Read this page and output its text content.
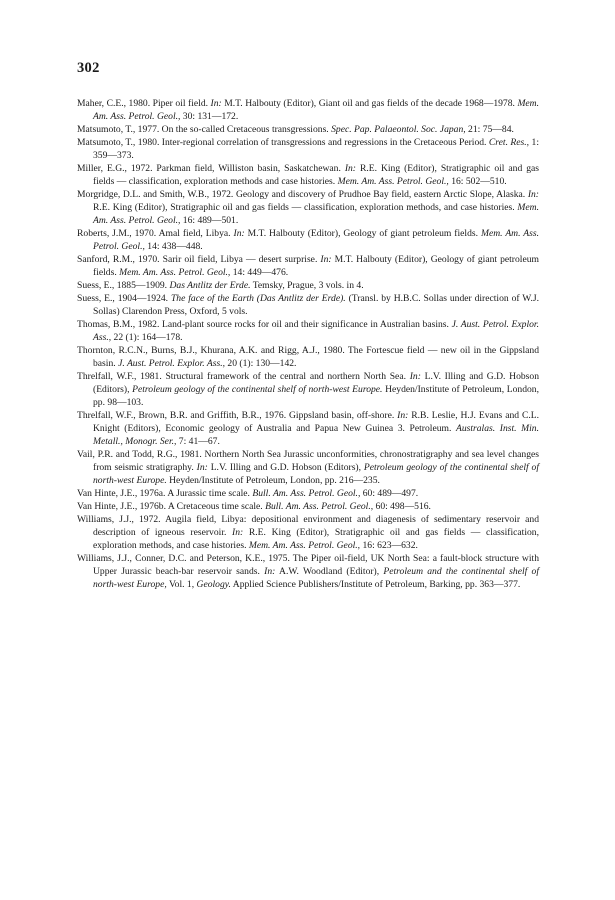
302

Maher, C.E., 1980. Piper oil field. In: M.T. Halbouty (Editor), Giant oil and gas fields of the decade 1968—1978. Mem. Am. Ass. Petrol. Geol., 30: 131—172.

Matsumoto, T., 1977. On the so-called Cretaceous transgressions. Spec. Pap. Palaeontol. Soc. Japan, 21: 75—84.

Matsumoto, T., 1980. Inter-regional correlation of transgressions and regressions in the Cretaceous Period. Cret. Res., 1: 359—373.

Miller, E.G., 1972. Parkman field, Williston basin, Saskatchewan. In: R.E. King (Editor), Stratigraphic oil and gas fields — classification, exploration methods and case histories. Mem. Am. Ass. Petrol. Geol., 16: 502—510.

Morgridge, D.L. and Smith, W.B., 1972. Geology and discovery of Prudhoe Bay field, eastern Arctic Slope, Alaska. In: R.E. King (Editor), Stratigraphic oil and gas fields — classification, exploration methods, and case histories. Mem. Am. Ass. Petrol. Geol., 16: 489—501.

Roberts, J.M., 1970. Amal field, Libya. In: M.T. Halbouty (Editor), Geology of giant petroleum fields. Mem. Am. Ass. Petrol. Geol., 14: 438—448.

Sanford, R.M., 1970. Sarir oil field, Libya — desert surprise. In: M.T. Halbouty (Editor), Geology of giant petroleum fields. Mem. Am. Ass. Petrol. Geol., 14: 449—476.

Suess, E., 1885—1909. Das Antlitz der Erde. Temsky, Prague, 3 vols. in 4.

Suess, E., 1904—1924. The face of the Earth (Das Antlitz der Erde). (Transl. by H.B.C. Sollas under direction of W.J. Sollas) Clarendon Press, Oxford, 5 vols.

Thomas, B.M., 1982. Land-plant source rocks for oil and their significance in Australian basins. J. Aust. Petrol. Explor. Ass., 22 (1): 164—178.

Thornton, R.C.N., Burns, B.J., Khurana, A.K. and Rigg, A.J., 1980. The Fortescue field — new oil in the Gippsland basin. J. Aust. Petrol. Explor. Ass., 20 (1): 130—142.

Threlfall, W.F., 1981. Structural framework of the central and northern North Sea. In: L.V. Illing and G.D. Hobson (Editors), Petroleum geology of the continental shelf of north-west Europe. Heyden/Institute of Petroleum, London, pp. 98—103.

Threlfall, W.F., Brown, B.R. and Griffith, B.R., 1976. Gippsland basin, off-shore. In: R.B. Leslie, H.J. Evans and C.L. Knight (Editors), Economic geology of Australia and Papua New Guinea 3. Petroleum. Australas. Inst. Min. Metall., Monogr. Ser., 7: 41—67.

Vail, P.R. and Todd, R.G., 1981. Northern North Sea Jurassic unconformities, chronostratigraphy and sea level changes from seismic stratigraphy. In: L.V. Illing and G.D. Hobson (Editors), Petroleum geology of the continental shelf of north-west Europe. Heyden/Institute of Petroleum, London, pp. 216—235.

Van Hinte, J.E., 1976a. A Jurassic time scale. Bull. Am. Ass. Petrol. Geol., 60: 489—497.

Van Hinte, J.E., 1976b. A Cretaceous time scale. Bull. Am. Ass. Petrol. Geol., 60: 498—516.

Williams, J.J., 1972. Augila field, Libya: depositional environment and diagenesis of sedimentary reservoir and description of igneous reservoir. In: R.E. King (Editor), Stratigraphic oil and gas fields — classification, exploration methods, and case histories. Mem. Am. Ass. Petrol. Geol., 16: 623—632.

Williams, J.J., Conner, D.C. and Peterson, K.E., 1975. The Piper oil-field, UK North Sea: a fault-block structure with Upper Jurassic beach-bar reservoir sands. In: A.W. Woodland (Editor), Petroleum and the continental shelf of north-west Europe, Vol. 1, Geology. Applied Science Publishers/Institute of Petroleum, Barking, pp. 363—377.
